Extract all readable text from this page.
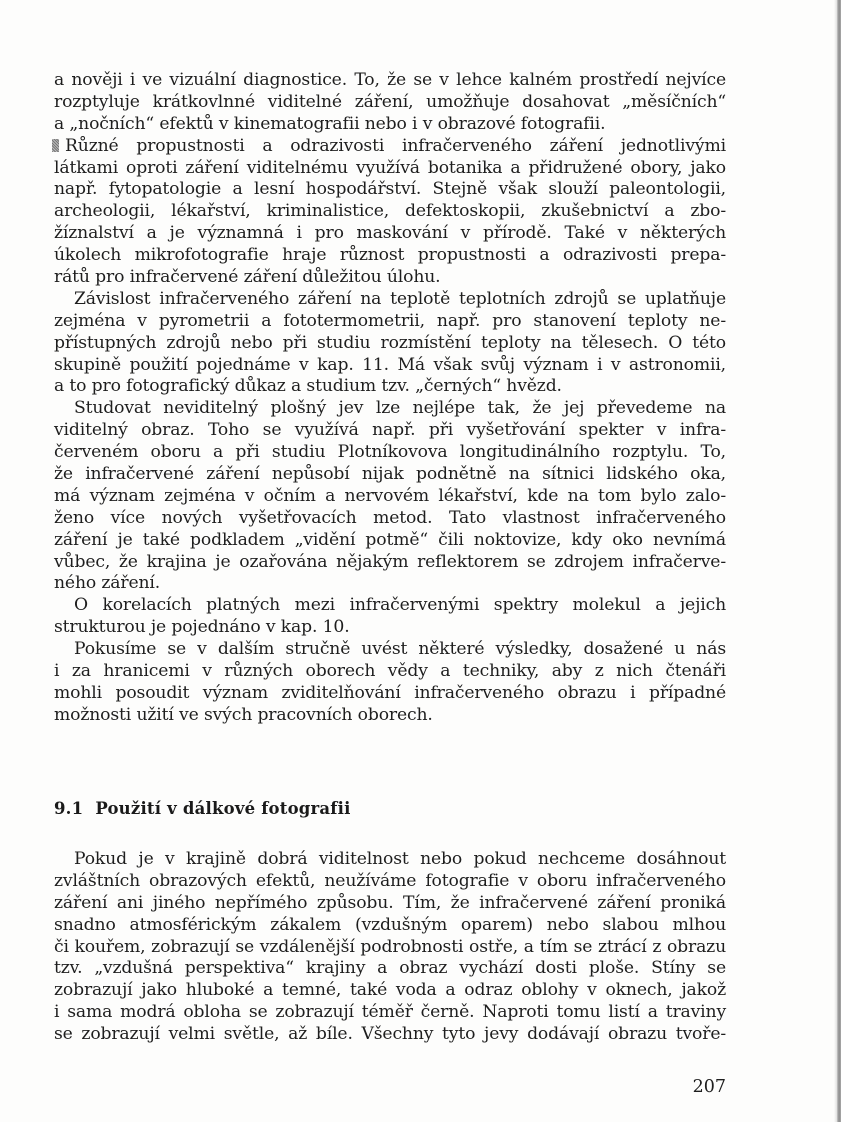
a nověji i ve vizuální diagnostice. To, že se v lehce kalném prostředí nejvíce
rozptyluje krátkovlnné viditelné záření, umožňuje dosahovat „měsíčních“
a „nočních“ efektů v kinematografii nebo i v obrazové fotografii.
Různé propustnosti a odrazivosti infračerveného záření jednotlivými
látkami oproti záření viditelnému využívá botanika a přidružené obory, jako
např. fytopatologie a lesní hospodářství. Stejně však slouží paleontologii,
archeologii, lékařství, kriminalistice, defektoskopii, zkušebnictví a zbo-
žíznalství a je významná i pro maskování v přírodě. Také v některých
úkolech mikrofotografie hraje různost propustnosti a odrazivosti prepa-
rátů pro infračervené záření důležitou úlohu.
Závislost infračerveného záření na teplotě teplotních zdrojů se uplatňuje
zejména v pyrometrii a fototermometrii, např. pro stanovení teploty ne-
přístupných zdrojů nebo při studiu rozmístění teploty na tělesech. O této
skupině použití pojednáme v kap. 11. Má však svůj význam i v astronomii,
a to pro fotografický důkaz a studium tzv. „černých“ hvězd.
Studovat neviditelný plošný jev lze nejlépe tak, že jej převedeme na
viditelný obraz. Toho se využívá např. při vyšetřování spekter v infra-
červeném oboru a při studiu Plotníkovova longitudinálního rozptylu. To,
že infračervené záření nepůsobí nijak podnětně na sítnici lidského oka,
má význam zejména v očním a nervovém lékařství, kde na tom bylo zalo-
ženo více nových vyšetřovacích metod. Tato vlastnost infračerveného
záření je také podkladem „vidění potmě“ čili noktovize, kdy oko nevnímá
vůbec, že krajina je ozařována nějakým reflektorem se zdrojem infračerve-
ného záření.
O korelacích platných mezi infračervenými spektry molekul a jejich
strukturou je pojednáno v kap. 10.
Pokusíme se v dalším stručně uvést některé výsledky, dosažené u nás
i za hranicemi v různých oborech vědy a techniky, aby z nich čtenáři
mohli posoudit význam zviditelňování infračerveného obrazu i případné
možnosti užití ve svých pracovních oborech.
9.1 Použití v dálkové fotografii
Pokud je v krajině dobrá viditelnost nebo pokud nechceme dosáhnout
zvláštních obrazových efektů, neužíváme fotografie v oboru infračerveného
záření ani jiného nepřímého způsobu. Tím, že infračervené záření proniká
snadno atmosférickým zákalem (vzdušným oparem) nebo slabou mlhou
či kouřem, zobrazují se vzdálenější podrobnosti ostře, a tím se ztrácí z obrazu
tzv. „vzdušná perspektiva“ krajiny a obraz vychází dosti ploše. Stíny se
zobrazují jako hluboké a temné, také voda a odraz oblohy v oknech, jakož
i sama modrá obloha se zobrazují téměř černě. Naproti tomu listí a traviny
se zobrazují velmi světle, až bíle. Všechny tyto jevy dodávají obrazu tvoře-
207
